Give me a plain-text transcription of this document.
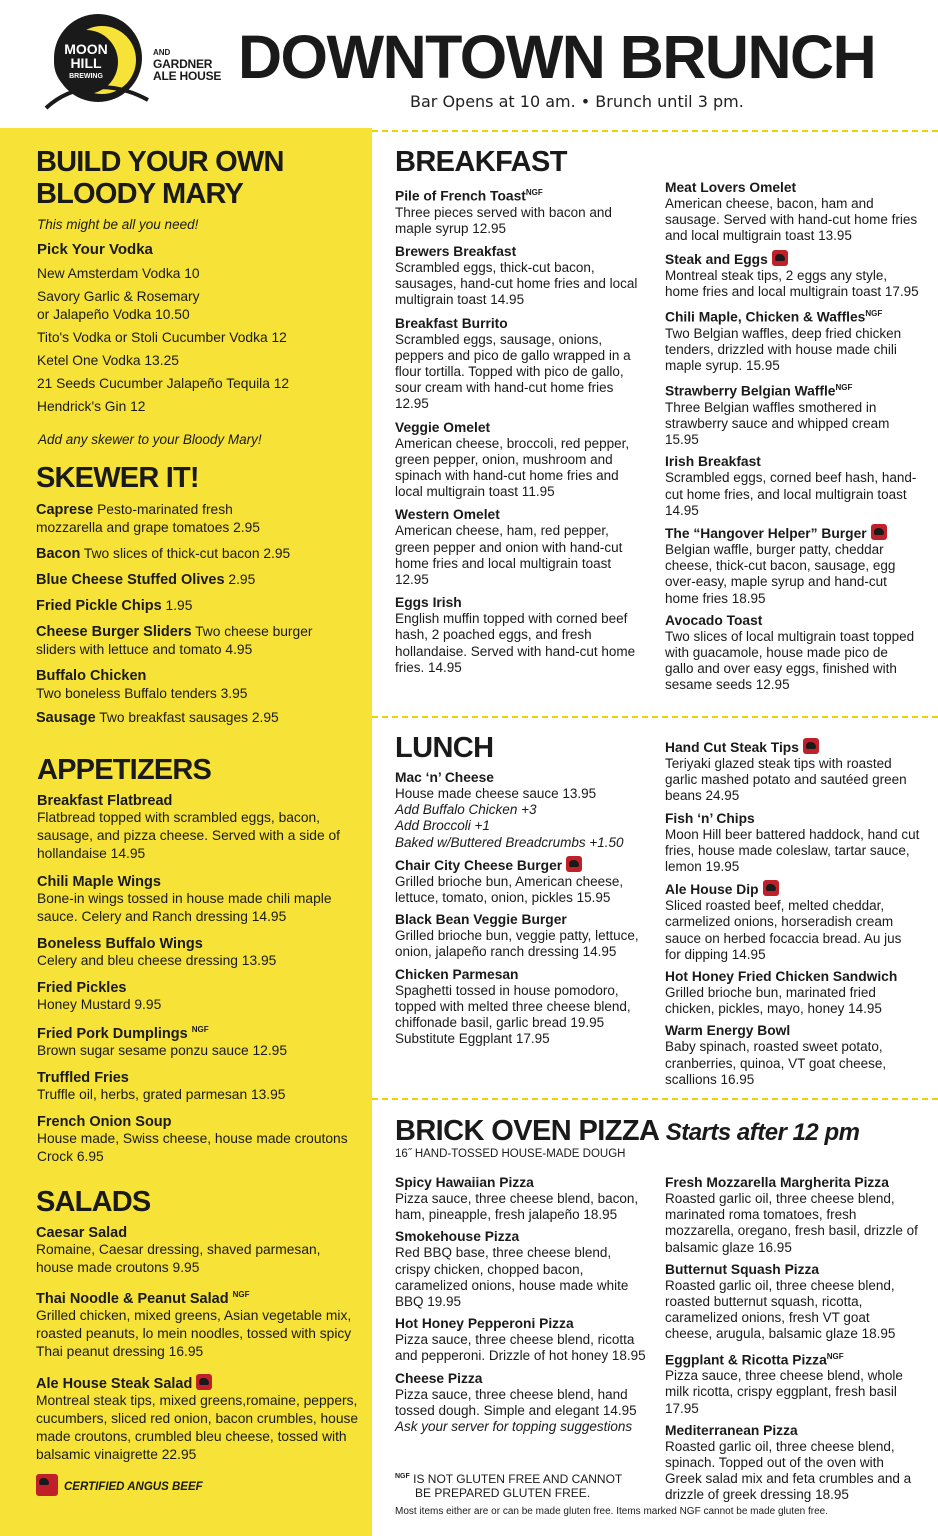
MOON
HILL
BREWING
AND
GARDNER
ALE HOUSE DOWNTOWN BRUNCH
Bar Opens at 10 am. • Brunch until 3 pm.
BUILD YOUR OWN
BLOODY MARY
This might be all you need!
Pick Your Vodka
New Amsterdam Vodka 10
Savory Garlic & Rosemary
or Jalapeño Vodka 10.50
Tito's Vodka or Stoli Cucumber Vodka 12
Ketel One Vodka 13.25
21 Seeds Cucumber Jalapeño Tequila 12
Hendrick's Gin 12
Add any skewer to your Bloody Mary!
SKEWER IT!
Caprese Pesto-marinated fresh
mozzarella and grape tomatoes 2.95
Bacon Two slices of thick-cut bacon 2.95
Blue Cheese Stuffed Olives 2.95
Fried Pickle Chips 1.95
Cheese Burger Sliders Two cheese burger
sliders with lettuce and tomato 4.95
Buffalo Chicken
Two boneless Buffalo tenders 3.95
Sausage Two breakfast sausages 2.95
APPETIZERS
Breakfast Flatbread
Flatbread topped with scrambled eggs, bacon, sausage, and pizza cheese. Served with a side of hollandaise 14.95
Chili Maple Wings
Bone-in wings tossed in house made chili maple sauce. Celery and Ranch dressing 14.95
Boneless Buffalo Wings
Celery and bleu cheese dressing 13.95
Fried Pickles
Honey Mustard 9.95
Fried Pork Dumplings $^{NGF}$
Brown sugar sesame ponzu sauce 12.95
Truffled Fries
Truffle oil, herbs, grated parmesan 13.95
French Onion Soup
House made, Swiss cheese, house made croutons Crock 6.95
SALADS
Caesar Salad
Romaine, Caesar dressing, shaved parmesan, house made croutons 9.95
Thai Noodle & Peanut Salad $^{NGF}$
Grilled chicken, mixed greens, Asian vegetable mix, roasted peanuts, lo mein noodles, tossed with spicy Thai peanut dressing 16.95
Ale House Steak Salad
Montreal steak tips, mixed greens,romaine, peppers, cucumbers, sliced red onion, bacon crumbles, house made croutons, crumbled bleu cheese, tossed with balsamic vinaigrette 22.95
CERTIFIED ANGUS BEEF
BREAKFAST
Pile of French Toast$^{NGF}$
Three pieces served with bacon and maple syrup 12.95
Brewers Breakfast
Scrambled eggs, thick-cut bacon, sausages, hand-cut home fries and local multigrain toast 14.95
Breakfast Burrito
Scrambled eggs, sausage, onions, peppers and pico de gallo wrapped in a flour tortilla. Topped with pico de gallo, sour cream with hand-cut home fries 12.95
Veggie Omelet
American cheese, broccoli, red pepper, green pepper, onion, mushroom and spinach with hand-cut home fries and local multigrain toast 11.95
Western Omelet
American cheese, ham, red pepper, green pepper and onion with hand-cut home fries and local multigrain toast 12.95
Eggs Irish
English muffin topped with corned beef hash, 2 poached eggs, and fresh hollandaise. Served with hand-cut home fries. 14.95
Meat Lovers Omelet
American cheese, bacon, ham and sausage. Served with hand-cut home fries and local multigrain toast 13.95
Steak and Eggs
Montreal steak tips, 2 eggs any style, home fries and local multigrain toast 17.95
Chili Maple, Chicken & Waffles$^{NGF}$
Two Belgian waffles, deep fried chicken tenders, drizzled with house made chili maple syrup. 15.95
Strawberry Belgian Waffle$^{NGF}$
Three Belgian waffles smothered in strawberry sauce and whipped cream 15.95
Irish Breakfast
Scrambled eggs, corned beef hash, hand-cut home fries, and local multigrain toast 14.95
The “Hangover Helper” Burger
Belgian waffle, burger patty, cheddar cheese, thick-cut bacon, sausage, egg over-easy, maple syrup and hand-cut home fries 18.95
Avocado Toast
Two slices of local multigrain toast topped with guacamole, house made pico de gallo and over easy eggs, finished with sesame seeds 12.95
LUNCH
Mac ‘n’ Cheese
House made cheese sauce 13.95
Add Buffalo Chicken +3
Add Broccoli +1
Baked w/Buttered Breadcrumbs +1.50
Chair City Cheese Burger
Grilled brioche bun, American cheese, lettuce, tomato, onion, pickles 15.95
Black Bean Veggie Burger
Grilled brioche bun, veggie patty, lettuce, onion, jalapeño ranch dressing 14.95
Chicken Parmesan
Spaghetti tossed in house pomodoro, topped with melted three cheese blend, chiffonade basil, garlic bread 19.95 Substitute Eggplant 17.95
Hand Cut Steak Tips
Teriyaki glazed steak tips with roasted garlic mashed potato and sautéed green beans 24.95
Fish ‘n’ Chips
Moon Hill beer battered haddock, hand cut fries, house made coleslaw, tartar sauce, lemon 19.95
Ale House Dip
Sliced roasted beef, melted cheddar, carmelized onions, horseradish cream sauce on herbed focaccia bread. Au jus for dipping 14.95
Hot Honey Fried Chicken Sandwich
Grilled brioche bun, marinated fried chicken, pickles, mayo, honey 14.95
Warm Energy Bowl
Baby spinach, roasted sweet potato, cranberries, quinoa, VT goat cheese, scallions 16.95
BRICK OVEN PIZZA Starts after 12 pm
16˝ HAND-TOSSED HOUSE-MADE DOUGH
Spicy Hawaiian Pizza
Pizza sauce, three cheese blend, bacon, ham, pineapple, fresh jalapeño 18.95
Smokehouse Pizza
Red BBQ base, three cheese blend, crispy chicken, chopped bacon, caramelized onions, house made white BBQ 19.95
Hot Honey Pepperoni Pizza
Pizza sauce, three cheese blend, ricotta and pepperoni. Drizzle of hot honey 18.95
Cheese Pizza
Pizza sauce, three cheese blend, hand tossed dough. Simple and elegant 14.95
Ask your server for topping suggestions
Fresh Mozzarella Margherita Pizza
Roasted garlic oil, three cheese blend, marinated roma tomatoes, fresh mozzarella, oregano, fresh basil, drizzle of balsamic glaze 16.95
Butternut Squash Pizza
Roasted garlic oil, three cheese blend, roasted butternut squash, ricotta, caramelized onions, fresh VT goat cheese, arugula, balsamic glaze 18.95
Eggplant & Ricotta Pizza$^{NGF}$
Pizza sauce, three cheese blend, whole milk ricotta, crispy eggplant, fresh basil 17.95
Mediterranean Pizza
Roasted garlic oil, three cheese blend, spinach. Topped out of the oven with Greek salad mix and feta crumbles and a drizzle of greek dressing 18.95
$^{NGF}$ IS NOT GLUTEN FREE AND CANNOT
BE PREPARED GLUTEN FREE.
Most items either are or can be made gluten free. Items marked NGF cannot be made gluten free.
